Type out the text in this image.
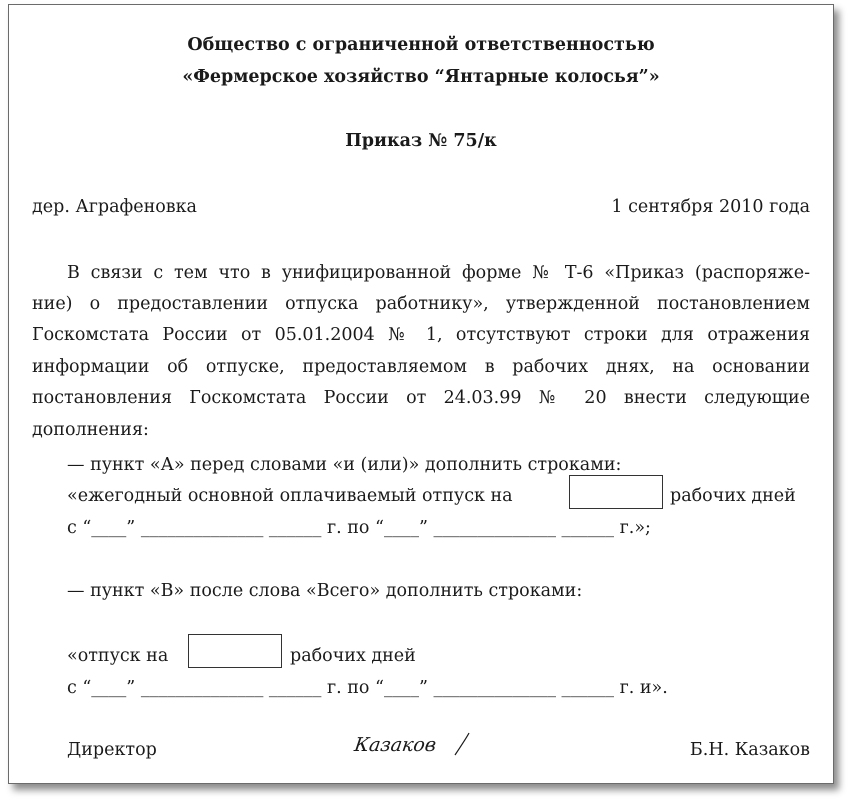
Общество с ограниченной ответственностью
«Фермерское хозяйство “Янтарные колосья”»
Приказ № 75/к
дер. Аграфеновка	1 сентября 2010 года
В связи с тем что в унифицированной форме № Т-6 «Приказ (распоряже-
ние) о предоставлении отпуска работнику», утвержденной постановлением
Госкомстата России от 05.01.2004 № 1, отсутствуют строки для отражения
информации об отпуске, предоставляемом в рабочих днях, на основании
постановления Госкомстата России от 24.03.99 № 20 внести следующие
дополнения:
— пункт «А» перед словами «и (или)» дополнить строками:
«ежегодный основной оплачиваемый отпуск на	рабочих дней
с “____” ______________ ______ г. по “____” ______________ ______ г.»;
— пункт «В» после слова «Всего» дополнить строками:
«отпуск на	рабочих дней
с “____” ______________ ______ г. по “____” ______________ ______ г. и».
Директор	Казаков	Б.Н. Казаков
